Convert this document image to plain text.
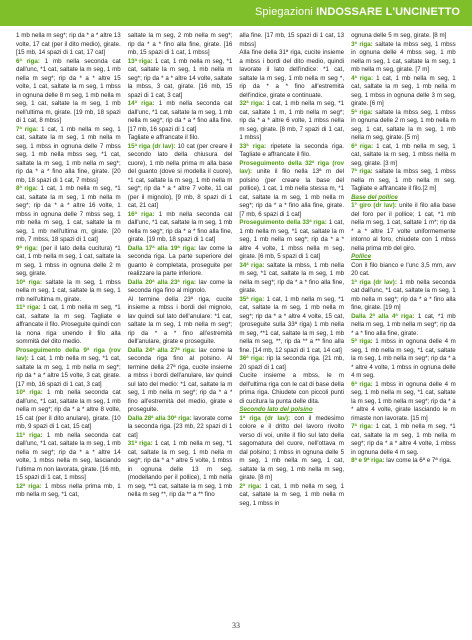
Spiegazioni INDOSSARE L'UNCINETTO

1 mb nella m seg*; rip da * a * altre 13 volte, 17 cat (per il dito medio), girate. [15 mb, 14 spazi di 1 cat, 17 cat]

6ª riga: 1 mb nella seconda cat dall'unc, *1 cat, saltate la m seg, 1 mb nella m seg*; rip da * a * altre 15 volte, 1 cat, saltate la m seg, 1 mbss in ognuna delle 8 m seg, 1 mb nella m seg, 1 cat, saltate la m seg, 1 mb nell'ultima m, girate. [19 mb, 18 spazi di 1 cat, 8 mbss]

7ª riga: 1 cat, 1 mb nella m seg, 1 cat, saltate la m seg, 1 mb nella m seg, 1 mbss in ognuna delle 7 mbss seg, 1 mb nella mbss seg, *1 cat, saltate la m seg, 1 mb nella m seg*; rip da * a * fino alla fine, girate. [20 mb, 18 spazi di 1 cat, 7 mbss]

8ª riga: 1 cat, 1 mb nella m seg, *1 cat, saltate la m seg, 1 mb nella m seg*; rip da * a * altre 16 volte, 1 mbss in ognuna delle 7 mbss seg, 1 mb nella m seg, 1 cat, saltate la m seg, 1 mb nell'ultima m, girate. [20 mb, 7 mbss, 18 spazi di 1 cat]

9ª riga: (per il lato della cucitura) *1 cat, 1 mb nella m seg, 1 cat, saltate la m seg, 1 mbss in ognuna delle 2 m seg, girate.

10ª riga: saltate la m seg, 1 mbss nella m seg, 1 cat, saltate la m seg, 1 mb nell'ultima m, girate.

11ª riga: 1 cat, 1 mb nella m seg, *1 cat, saltate la m seg. Tagliate e affrancate il filo. Proseguite quindi con la nona riga unendo il filo alla sommità del dito medio.

Proseguimento della 9ª riga (rov lav): 1 cat, 1 mb nella m seg, *1 cat, saltate la m seg, 1 mb nella m seg*; rip da * a * altre 15 volte, 3 cat, girate. [17 mb, 16 spazi di 1 cat, 3 cat]

10ª riga: 1 mb nella seconda cat dall'unc, *1 cat, saltate la m seg, 1 mb nella m seg*; rip da * a * altre 8 volte, 15 cat (per il dito anulare), girate. [10 mb, 9 spazi di 1 cat, 15 cat]

11ª riga: 1 mb nella seconda cat dall'unc, *1 cat, saltate la m seg, 1 mb nella m seg*; rip da * a * altre 14 volte, 1 mbss nella m seg, lasciando l'ultima m non lavorata, girate. [16 mb, 15 spazi di 1 cat, 1 mbss]

12ª riga: 1 mbss nella prima mb, 1 mb nella m seg, *1 cat,

saltate la m seg, 2 mb nella m seg*; rip da * a * fino alla fine, girate. [16 mb, 15 spazi di 1 cat, 1 mbss]

13ª riga: 1 cat, 1 mb nella m seg, *1 cat, saltate la m seg, 1 mb nella m seg*; rip da * a * altre 14 volte, saltate la mbss, 3 cat, girate. [16 mb, 15 spazi di 1 cat, 3 cat]

14ª riga: 1 mb nella seconda cat dall'unc, *1 cat, saltate la m seg, 1 mb nella m seg*; rip da * a * fino alla fine. [17 mb, 16 spazi di 1 cat]

Tagliate e affrancate il filo.

15ª riga (dr lav): 10 cat (per creare il secondo lato della chiusura del cuore), 1 mb nella prima m alla base del guanto (dove si modella il cuore), *1 cat, saltate la m seg, 1 mb nella m seg*; rip da * a * altre 7 volte, 11 cat (per il mignolo), [9 mb, 8 spazi di 1 cat, 21 cat]

16ª riga: 1 mb nella seconda cat dall'unc, *1 cat, saltate la m seg, 1 mb nella m seg*; rip da * a * fino alla fine, girate. [19 mb, 18 spazi di 1 cat]

Dalla 17ª alla 19ª riga: lav come la seconda riga. La parte superiore del guanto è completata, proseguite per realizzare la parte inferiore.

Dalla 20ª alla 23ª riga: lav come la seconda riga fino al mignolo.

Al termine della 23ª riga, cucite insieme a mbss i bordi del mignolo, lav quindi sul lato dell'anulare: *1 cat, saltate la m seg, 1 mb nella m seg*; rip da * a * fino all'estremità dell'anulare, girate e proseguite.

Dalla 24ª alla 27ª riga: lav come la seconda riga fino al polsino. Al termine della 27ª riga, cucite insieme a mbss i bordi dell'anulare, lav quindi sul lato del medio: *1 cat, saltate la m seg, 1 mb nella m seg*; rip da * a * fino all'estremità del medio, girate e proseguite.

Dalla 28ª alla 30ª riga: lavorate come la seconda riga. [23 mb, 22 spazi di 1 cat]

31ª riga: 1 cat, 1 mb nella m seg, *1 cat, saltate la m seg, 1 mb nella m seg*; rip da * a * altre 5 volte, 1 mbss in ognuna delle 13 m seg. (modellando per il pollice), 1 mb nella m seg, **1 cat, saltate la m seg, 1 mb nella m seg **, rip da ** a ** fino

alla fine. [17 mb, 15 spazi di 1 cat, 13 mbss]

Alla fine della 31ª riga, cucite insieme a mbss i bordi del dito medio, quindi lavorate il lato dell'indice: *1 cat, saltate la m seg, 1 mb nella m seg *, rip da * a * fino all'estremità dell'indice, girate e continuate.

32ª riga: 1 cat, 1 mb nella m seg, *1 cat, saltate 1 m, 1 mb nella m seg*; rip da * a * altre 6 volte, 1 mbss nella m seg, girate. [8 mb, 7 spazi di 1 cat, 1 mbss]

33ª riga: ripetete la seconda riga. Tagliate e affrancate il filo.

Proseguimento della 32ª riga (rov lav): unite il filo nella 13ª m del polsino (per creare la base del pollice), 1 cat, 1 mb nella stessa m, *1 cat, saltate la m seg, 1 mb nella m seg*; rip da * a * fino alla fine, girate. [7 mb, 6 spazi di 1 cat]

Proseguimento della 33ª riga: 1 cat, 1 mb nella m seg, *1 cat, saltate la m seg, 1 mb nella m seg*; rip da * a * altre 4 volte, 1 mbss nella m seg, girate. [6 mb, 5 spazi di 1 cat]

34ª riga: saltate la mbss, 1 mb nella m seg, *1 cat, saltate la m seg, 1 mb nella m seg*; rip da * a * fino alla fine, girate.

35ª riga: 1 cat, 1 mb nella m seg, *1 cat, saltate la m seg, 1 mb nella m seg*; rip da * a * altre 4 volte, 15 cat, (proseguite sulla 33ª riga) 1 mb nella m seg, **1 cat, saltate la m seg, 1 mb nella m seg, **, rip da ** a ** fino alla fine. [14 mb, 12 spazi di 1 cat, 14 cat]

36ª riga: rip la seconda riga. [21 mb, 20 spazi di 1 cat]

Cucite insieme a mbss, le m dell'ultima riga con le cat di base della prima riga. Chiudete con piccoli punti di cucitura la punta delle dita.

Secondo lato del polsino

1ª riga (dr lav): con il medesimo colore e il dritto del lavoro rivolto verso di voi, unite il filo sul lato della sagomatura del cuore, nell'ottava m dal polsino; 1 mbss in ognuna delle 5 m seg, 1 mb nella m seg, 1 cat, saltate la m seg, 1 mb nella m seg, girate. [8 m]

2ª riga: 1 cat, 1 mb nella m seg, 1 cat, saltate la m seg, 1 mb nella m seg, 1 mbss in

ognuna delle 5 m seg, girate. [8 m]

3ª riga: saltate la mbss seg, 1 mbss in ognuna delle 4 mbss seg, 1 mb nella m seg, 1 cat, saltate la m seg, 1 mb nella m seg, girate. [7 m]

4ª riga: 1 cat, 1 mb nella m seg, 1 cat, saltate la m seg, 1 mb nella m seg, 1 mbss in ognuna delle 3 m seg, girate. [6 m]

5ª riga: saltate la mbss seg, 1 mbss in ognuna delle 2 m seg, 1 mb nella m seg, 1 cat, saltate la m seg, 1 mb nella m seg, girate. [5 m]

6ª riga: 1 cat, 1 mb nella m seg, 1 cat, saltate la m seg, 1 mbss nella m seg, girate. [3 m]

7ª riga: saltate la mbss seg, 1 mbss nella m seg, 1 mb nella m seg. Tagliate e affrancate il filo.[2 m]

Base del pollice

1° giro (dr lav): unite il filo alla base del foro per il pollice; 1 cat, *1 mb nella m seg, 1 cat, saltate 1 m*; rip da * a * altre 17 volte uniformemente intorno al foro, chiudete con 1 mbss nella prima mb del giro.

Pollice

Con il filo bianco e l'unc 3,5 mm, avv 20 cat.

1ª riga (dr lav): 1 mb nella seconda cat dall'unc, *1 cat, saltate la m seg, 1 mb nella m seg*; rip da * a * fino alla fine, girate. [19 m]

Dalla 2ª alla 4ª riga: 1 cat, *1 mb nella m seg, 1 mb nella m seg*; rip da * a * fino alla fine, girate.

5ª riga: 1 mbss in ognuna delle 4 m seg, 1 mb nella m seg, *1 cat, saltate la m seg, 1 mb nella m seg*; rip da * a * altre 4 volte, 1 mbss in ognuna delle 4 m seg.

6ª riga: 1 mbss in ognuna delle 4 m seg, 1 mb nella m seg, *1 cat, saltate la m seg, 1 mb nella m seg*; rip da * a * altre 4 volte, girate lasciando le m rimaste non lavorate. [15 m]

7ª riga: 1 cat, 1 mb nella m seg, *1 cat, saltate la m seg, 1 mb nella m seg*; rip da * a * altre 4 volte, 1 mbss in ognuna delle 4 m seg.

8ª e 9ª riga: lav come la 6ª e 7ª riga.

33
